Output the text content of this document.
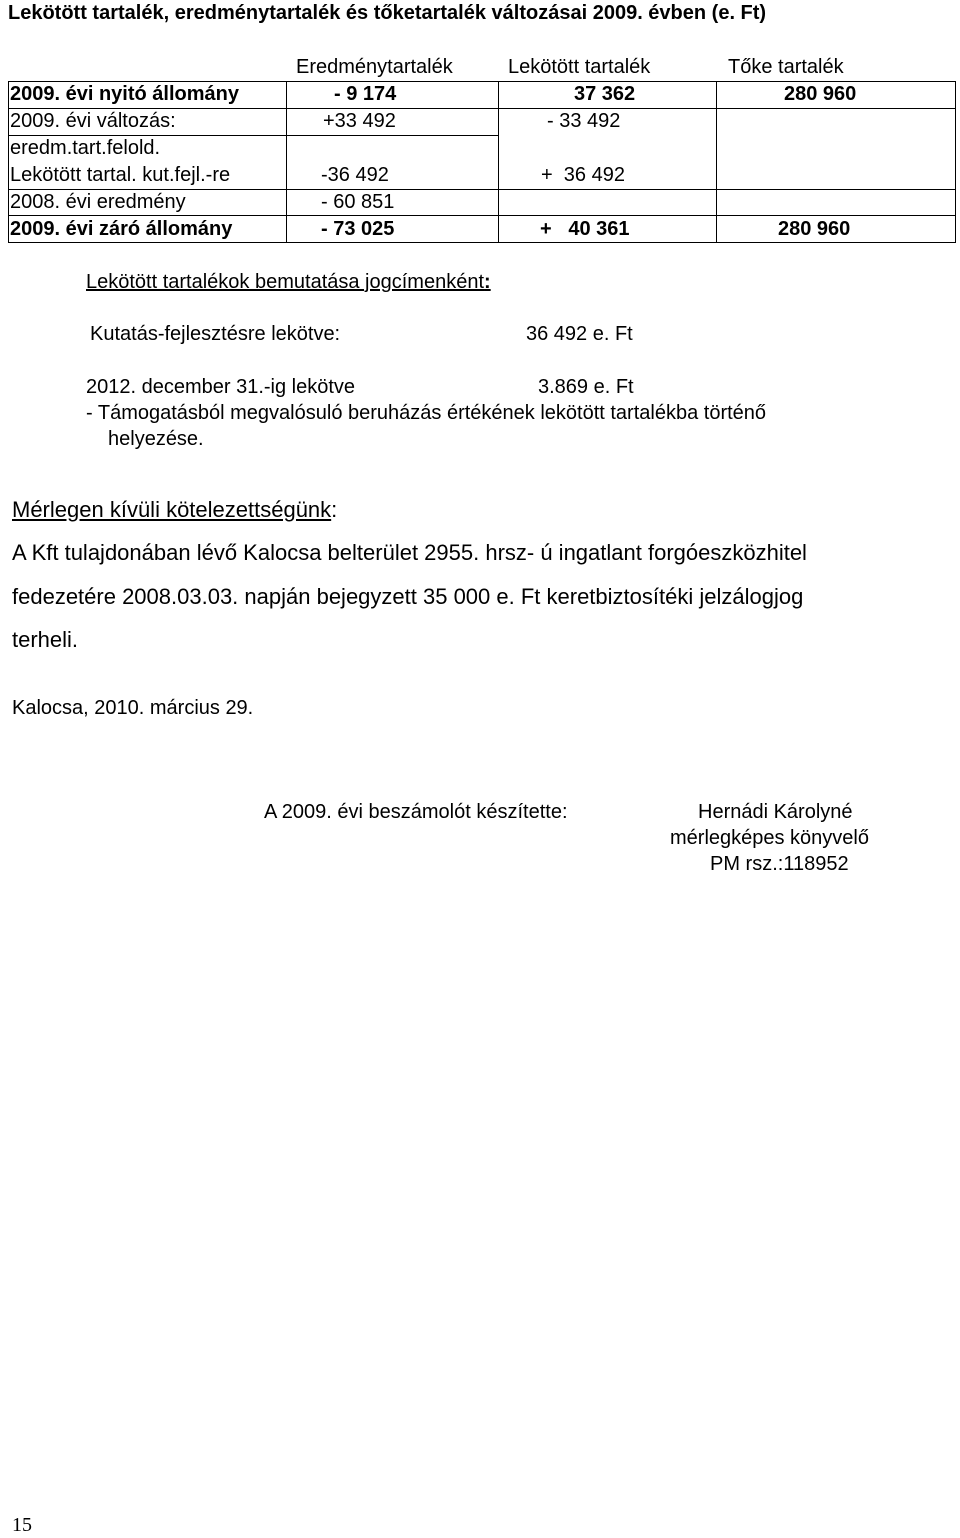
Lekötött tartalék, eredménytartalék és tőketartalék változásai 2009. évben (e. Ft)
Eredménytartalék	Lekötött tartalék	Tőke tartalék
2009. évi nyitó állomány	- 9 174	37 362	280 960
2009. évi változás:	+33 492	- 33 492
eredm.tart.felold.
Lekötött tartal. kut.fejl.-re	-36 492	+  36 492
2008. évi eredmény	- 60 851
2009. évi záró állomány	- 73 025	+   40 361	280 960
Lekötött tartalékok bemutatása jogcímenként:
Kutatás-fejlesztésre lekötve:	36 492 e. Ft
2012. december 31.-ig lekötve	3.869 e. Ft
- Támogatásból megvalósuló beruházás értékének lekötött tartalékba történő
helyezése.
Mérlegen kívüli kötelezettségünk:
A Kft tulajdonában lévő Kalocsa belterület 2955. hrsz- ú ingatlant forgóeszközhitel
fedezetére 2008.03.03. napján bejegyzett 35 000 e. Ft keretbiztosítéki jelzálogjog
terheli.
Kalocsa, 2010. március 29.
A 2009. évi beszámolót készítette:	Hernádi Károlyné
mérlegképes könyvelő
PM rsz.:118952
15
